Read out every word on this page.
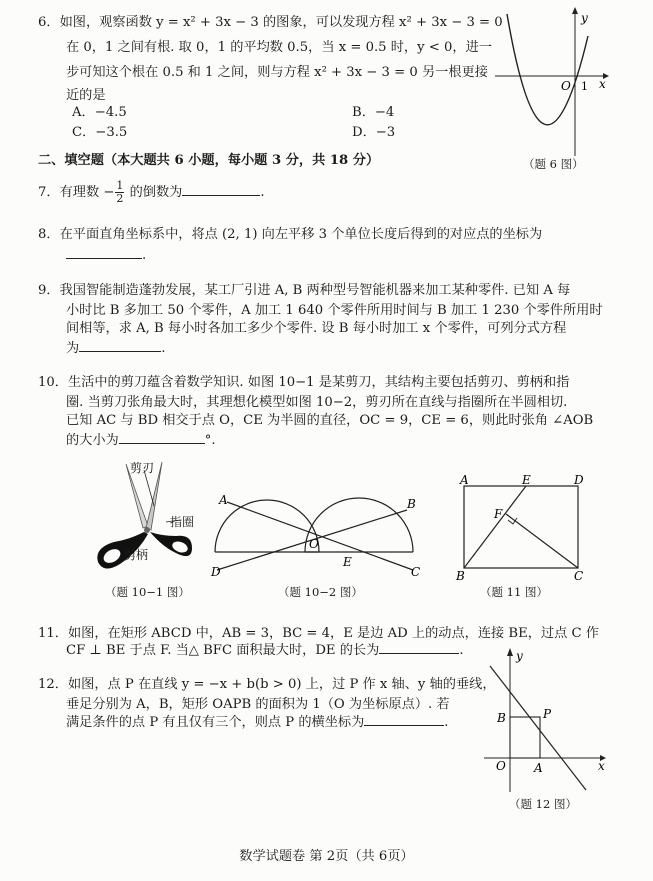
6．如图，观察函数 y = x² + 3x − 3 的图象，可以发现方程 x² + 3x − 3 = 0
在 0，1 之间有根. 取 0，1 的平均数 0.5，当 x = 0.5 时，y < 0，进一
步可知这个根在 0.5 和 1 之间，则与方程 x² + 3x − 3 = 0 另一根更接
近的是
A．−4.5	B．−4
C．−3.5	D．−3
y
x
O 1
（题 6 图）
二、填空题（本大题共 6 小题，每小题 3 分，共 18 分）
7．有理数 − $\frac{1}{2}$ 的倒数为	.
8．在平面直角坐标系中，将点 (2, 1) 向左平移 3 个单位长度后得到的对应点的坐标为
.
9．我国智能制造蓬勃发展，某工厂引进 A, B 两种型号智能机器来加工某种零件. 已知 A 每
小时比 B 多加工 50 个零件，A 加工 1 640 个零件所用时间与 B 加工 1 230 个零件所用时
间相等，求 A, B 每小时各加工多少个零件. 设 B 每小时加工 x 个零件，可列分式方程
为	.
10．生活中的剪刀蕴含着数学知识. 如图 10−1 是某剪刀，其结构主要包括剪刃、剪柄和指
圈. 当剪刀张角最大时，其理想化模型如图 10−2，剪刃所在直线与指圈所在半圆相切.
已知 AC 与 BD 相交于点 O，CE 为半圆的直径，OC = 9，CE = 6，则此时张角 ∠AOB
的大小为	°.
剪刃
指圈
剪柄
（题 10−1 图）
A	B
C
D
O
E
（题 10−2 图）
A	E	D
F
B	C
（题 11 图）
11．如图，在矩形 ABCD 中，AB = 3，BC = 4，E 是边 AD 上的动点，连接 BE，过点 C 作
CF ⊥ BE 于点 F. 当△ BFC 面积最大时，DE 的长为	.
12．如图，点 P 在直线 y = −x + b(b > 0) 上，过 P 作 x 轴、y 轴的垂线，
垂足分别为 A，B，矩形 OAPB 的面积为 1（O 为坐标原点）. 若
满足条件的点 P 有且仅有三个，则点 P 的横坐标为	.
y
x
O A
B	P
（题 12 图）
数学试题卷 第 2页（共 6页）
